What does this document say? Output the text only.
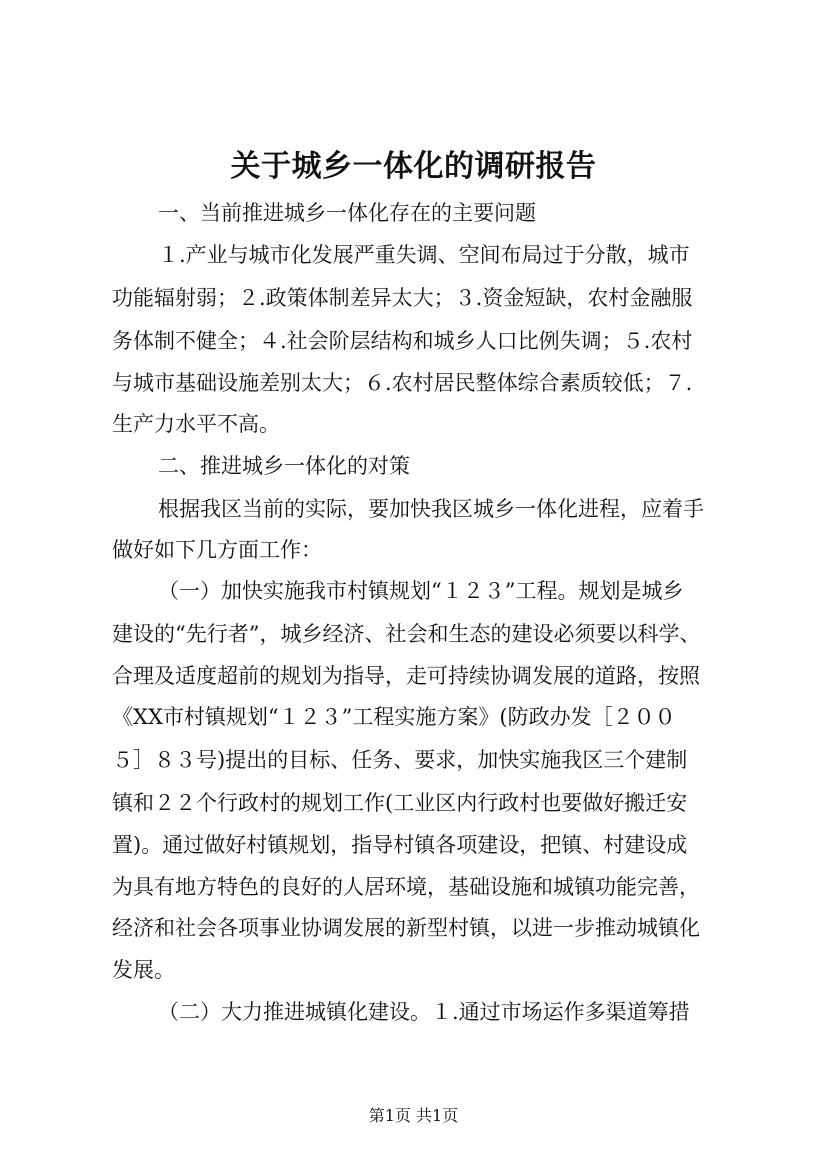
关于城乡一体化的调研报告

一、当前推进城乡一体化存在的主要问题

１.产业与城市化发展严重失调、空间布局过于分散，城市

功能辐射弱；２.政策体制差异太大；３.资金短缺，农村金融服

务体制不健全；４.社会阶层结构和城乡人口比例失调；５.农村

与城市基础设施差别太大；６.农村居民整体综合素质较低；７.

生产力水平不高。

二、推进城乡一体化的对策

根据我区当前的实际，要加快我区城乡一体化进程，应着手

做好如下几方面工作：

（一）加快实施我市村镇规划“１２３”工程。规划是城乡

建设的“先行者”，城乡经济、社会和生态的建设必须要以科学、

合理及适度超前的规划为指导，走可持续协调发展的道路，按照

《XX市村镇规划“１２３”工程实施方案》(防政办发［２００

５］８３号)提出的目标、任务、要求，加快实施我区三个建制

镇和２２个行政村的规划工作(工业区内行政村也要做好搬迁安

置)。通过做好村镇规划，指导村镇各项建设，把镇、村建设成

为具有地方特色的良好的人居环境，基础设施和城镇功能完善，

经济和社会各项事业协调发展的新型村镇，以进一步推动城镇化

发展。

（二）大力推进城镇化建设。１.通过市场运作多渠道筹措

第1页 共1页
